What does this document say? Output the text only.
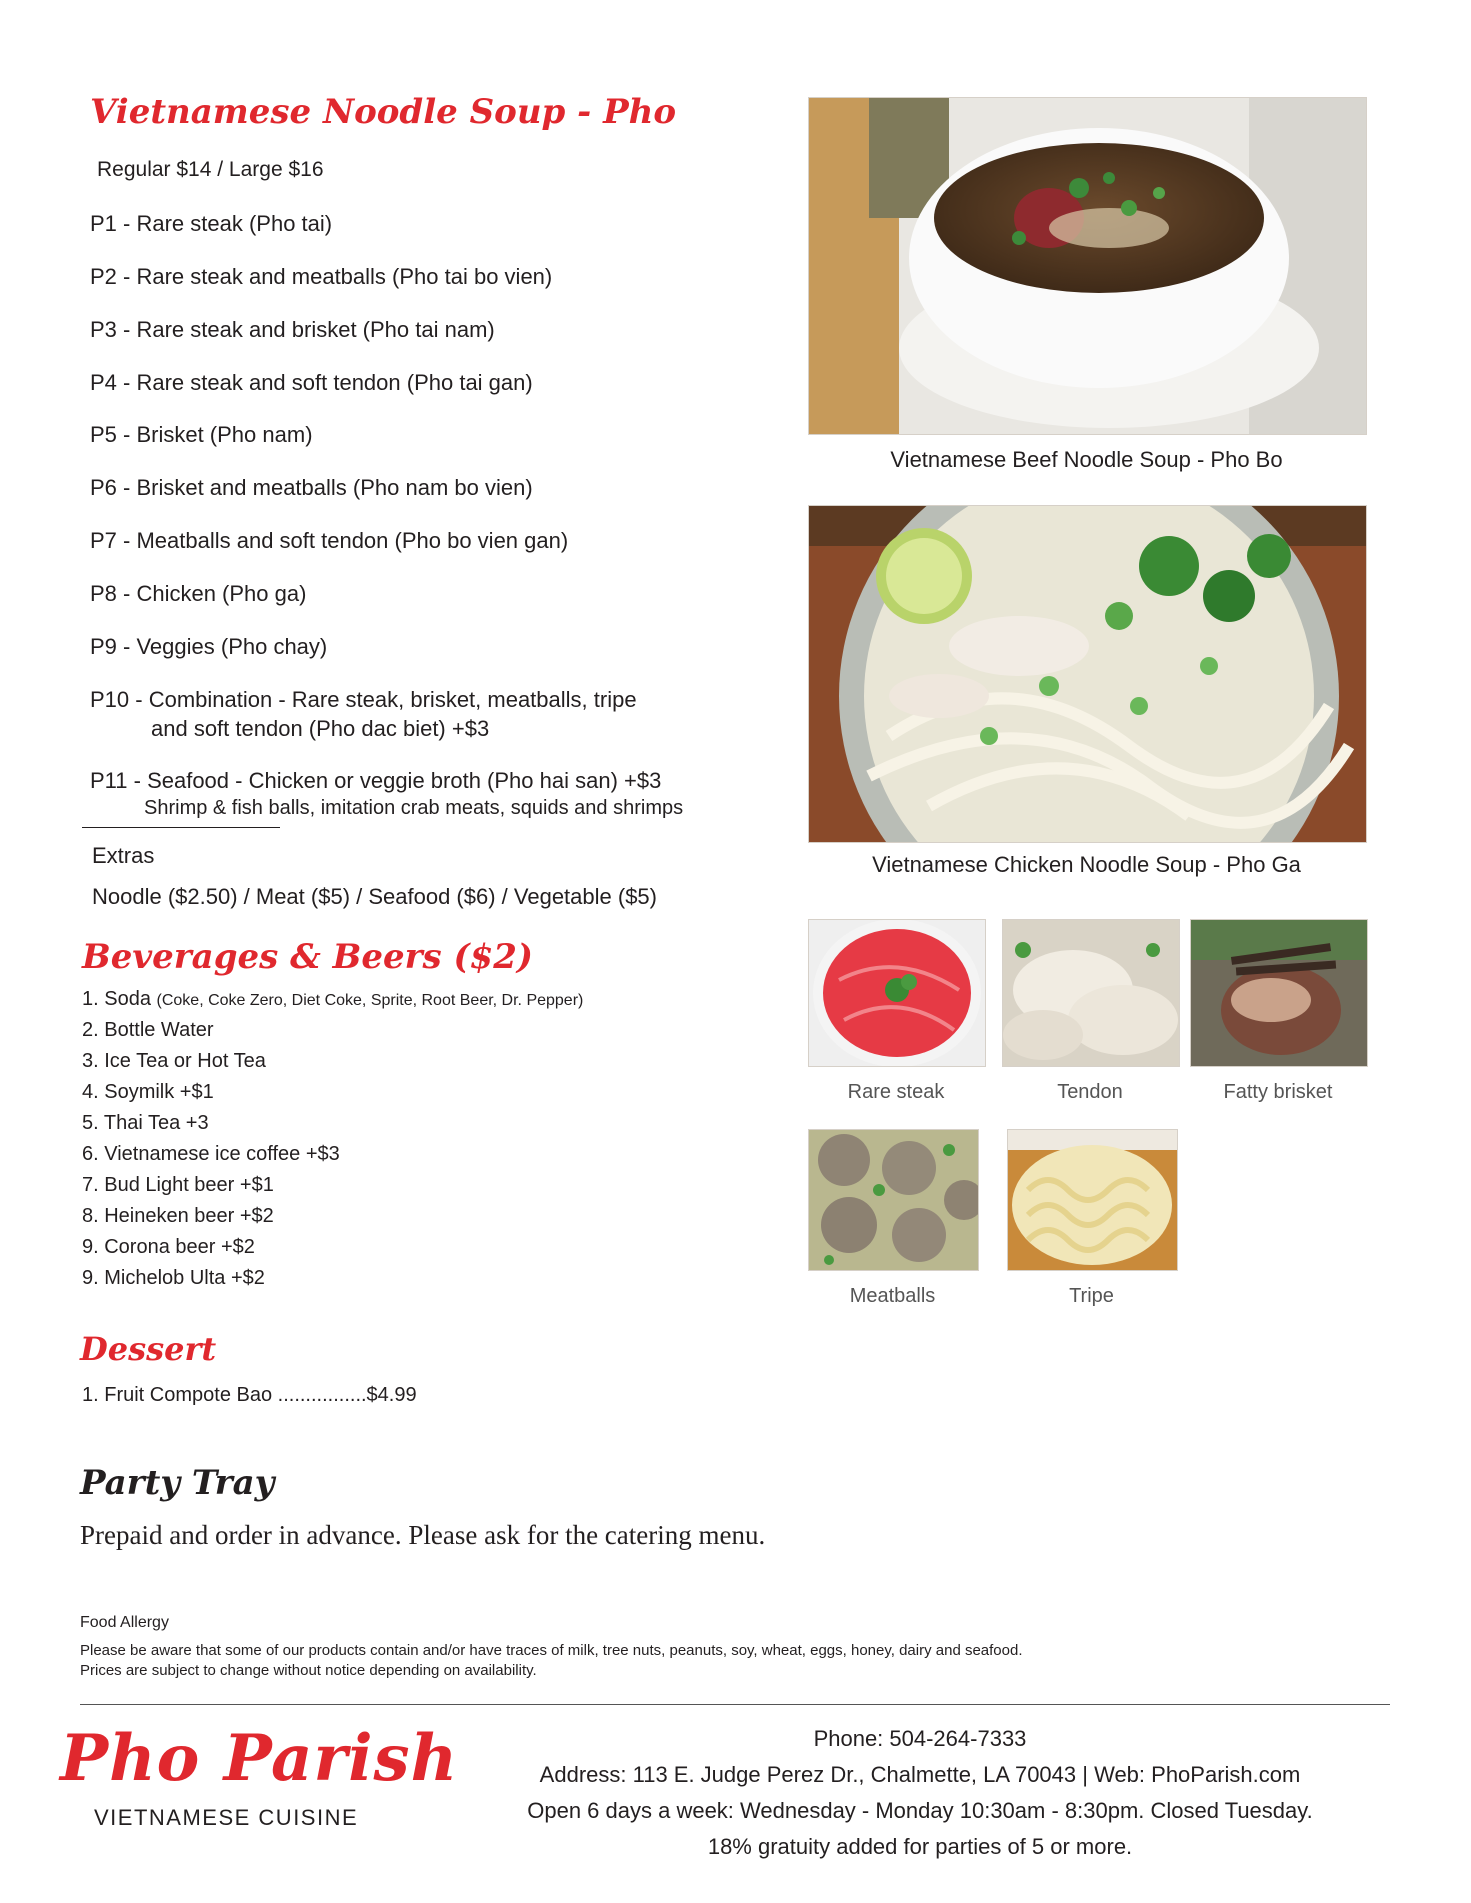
Vietnamese Noodle Soup - Pho
Regular $14 / Large $16
P1 - Rare steak (Pho tai)
P2 - Rare steak and meatballs (Pho tai bo vien)
P3 - Rare steak and brisket (Pho tai nam)
P4 - Rare steak and soft tendon (Pho tai gan)
P5 - Brisket (Pho nam)
P6 - Brisket and meatballs (Pho nam bo vien)
P7 - Meatballs and soft tendon (Pho bo vien gan)
P8 - Chicken (Pho ga)
P9 - Veggies (Pho chay)
P10 - Combination - Rare steak, brisket, meatballs, tripe
and soft tendon (Pho dac biet) +$3
P11 - Seafood - Chicken or veggie broth (Pho hai san) +$3
Shrimp & fish balls, imitation crab meats, squids and shrimps
Extras
Noodle ($2.50) / Meat ($5) / Seafood ($6) / Vegetable ($5)
Beverages & Beers ($2)
1. Soda (Coke, Coke Zero, Diet Coke, Sprite, Root Beer, Dr. Pepper)
2. Bottle Water
3. Ice Tea or Hot Tea
4. Soymilk +$1
5. Thai Tea +3
6. Vietnamese ice coffee +$3
7. Bud Light beer +$1
8. Heineken beer +$2
9. Corona beer +$2
9. Michelob Ulta +$2
Dessert
1. Fruit Compote Bao ................$4.99
Party Tray
Prepaid and order in advance. Please ask for the catering menu.
Food Allergy
Please be aware that some of our products contain and/or have traces of milk, tree nuts, peanuts, soy, wheat, eggs, honey, dairy and seafood.
Prices are subject to change without notice depending on availability.
Pho Parish
VIETNAMESE CUISINE
Phone: 504-264-7333
Address: 113 E. Judge Perez Dr., Chalmette, LA 70043 | Web: PhoParish.com
Open 6 days a week: Wednesday - Monday 10:30am - 8:30pm. Closed Tuesday.
18% gratuity added for parties of 5 or more.
Vietnamese Beef Noodle Soup - Pho Bo
Vietnamese Chicken Noodle Soup - Pho Ga
Rare steak	Tendon	Fatty brisket
Meatballs	Tripe
